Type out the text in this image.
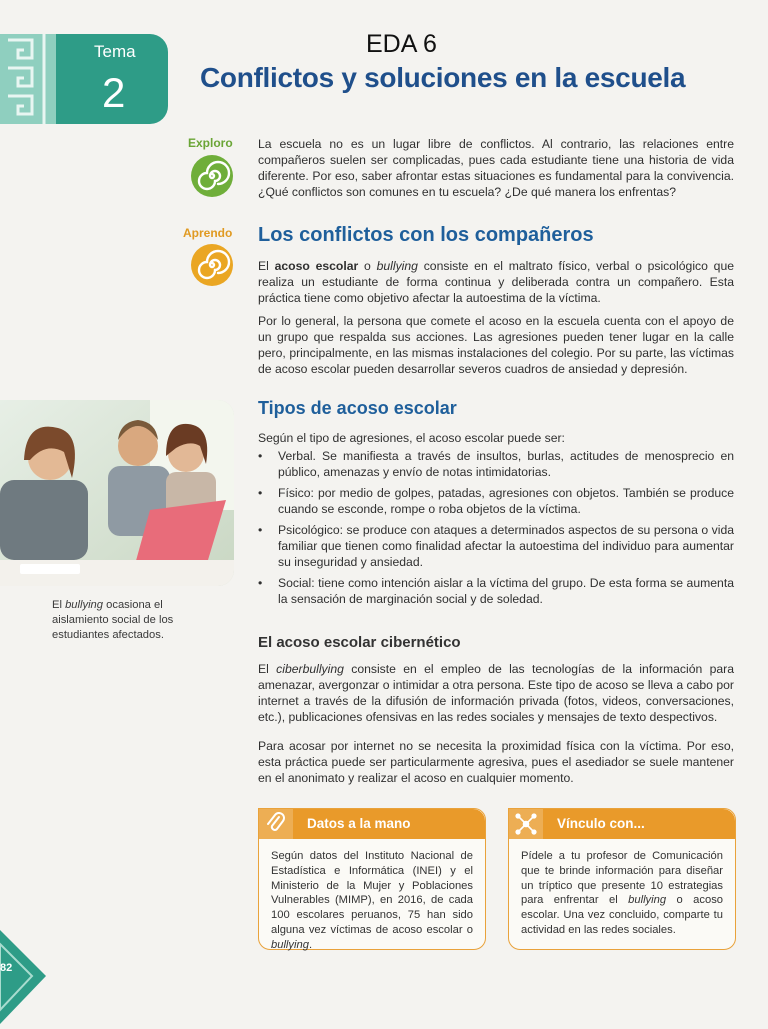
Tema
2
EDA 6
Conflictos y soluciones en la escuela
Exploro
Aprendo
La escuela no es un lugar libre de conflictos. Al contrario, las relaciones entre compañeros suelen ser complicadas, pues cada estudiante tiene una historia de vida diferente. Por eso, saber afrontar estas situaciones es fundamental para la convivencia. ¿Qué conflictos son comunes en tu escuela? ¿De qué manera los enfrentas?
Los conflictos con los compañeros
El acoso escolar o bullying consiste en el maltrato físico, verbal o psicológico que realiza un estudiante de forma continua y deliberada contra un compañero. Esta práctica tiene como objetivo afectar la autoestima de la víctima.
Por lo general, la persona que comete el acoso en la escuela cuenta con el apoyo de un grupo que respalda sus acciones. Las agresiones pueden tener lugar en la calle pero, principalmente, en las mismas instalaciones del colegio. Por su parte, las víctimas de acoso escolar pueden desarrollar severos cuadros de ansiedad y depresión.
El bullying ocasiona el aislamiento social de los estudiantes afectados.
Tipos de acoso escolar
Según el tipo de agresiones, el acoso escolar puede ser:
• Verbal. Se manifiesta a través de insultos, burlas, actitudes de menosprecio en público, amenazas y envío de notas intimidatorias.
• Físico: por medio de golpes, patadas, agresiones con objetos. También se produce cuando se esconde, rompe o roba objetos de la víctima.
• Psicológico: se produce con ataques a determinados aspectos de su persona o vida familiar que tienen como finalidad afectar la autoestima del individuo para aumentar su inseguridad y ansiedad.
• Social: tiene como intención aislar a la víctima del grupo. De esta forma se aumenta la sensación de marginación social y de soledad.
El acoso escolar cibernético
El ciberbullying consiste en el empleo de las tecnologías de la información para amenazar, avergonzar o intimidar a otra persona. Este tipo de acoso se lleva a cabo por internet a través de la difusión de información privada (fotos, videos, conversaciones, etc.), publicaciones ofensivas en las redes sociales y mensajes de texto despectivos.
Para acosar por internet no se necesita la proximidad física con la víctima. Por eso, esta práctica puede ser particularmente agresiva, pues el asediador se suele mantener en el anonimato y realizar el acoso en cualquier momento.
Datos a la mano
Según datos del Instituto Nacional de Estadística e Informática (INEI) y el Ministerio de la Mujer y Poblaciones Vulnerables (MIMP), en 2016, de cada 100 escolares peruanos, 75 han sido alguna vez víctimas de acoso escolar o bullying.
Vínculo con...
Pídele a tu profesor de Comunicación que te brinde información para diseñar un tríptico que presente 10 estrategias para enfrentar el bullying o acoso escolar. Una vez concluido, comparte tu actividad en las redes sociales.
82
